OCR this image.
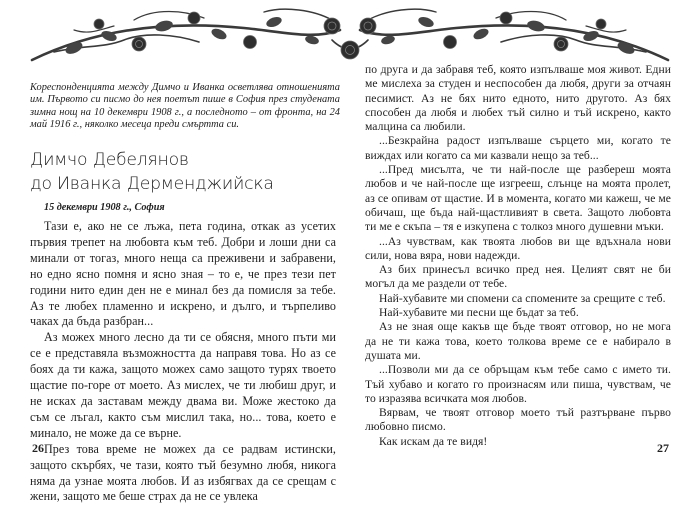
Кореспонденцията между Димчо и Иванка осветлява отношенията им. Първото си писмо до нея поетът пише в София през студената зимна нощ на 10 декември 1908 г., а последното – от фронта, на 24 май 1916 г., няколко месеца преди смъртта си.
Димчо Дебелянов
до Иванка Дерменджийска
15 декември 1908 г., София

Тази е, ако не се лъжа, пета година, откак аз усетих първия трепет на любовта към теб. Добри и лоши дни са минали от тогаз, много неща са преживени и забравени, но едно ясно помня и ясно зная – то е, че през тези пет години нито един ден не е минал без да помисля за тебе. Аз те любех пламенно и искрено, и дълго, и търпеливо чаках да бъда разбран...

Аз можех много лесно да ти се обясня, много пъти ми се е представяла възможността да направя това. Но аз се бояx да ти кажа, защото можех само защото турях твоето щастие по-горе от моето. Аз мислех, че ти любиш друг, и не исках да заставам между двама ви. Може жестоко да съм се лъгал, както съм мислил така, но... това, което е минало, не може да се върне.

През това време не можех да се радвам истински, защото скърбях, че тази, която тъй безумно любя, никога няма да узнае моята любов. И аз избягвах да се срещам с жени, защото ме беше страх да не се увлека

26

по друга и да забравя теб, която изпълваше моя живот. Едни ме мислеха за студен и неспособен да любя, други за отчаян песимист. Аз не бях нито едното, нито другото. Аз бях способен да любя и любех тъй силно и тъй искрено, както малцина са любили.

...Безкрайна радост изпълваше сърцето ми, когато те виждах или когато са ми казвали нещо за теб...

...Пред мисълта, че ти най-после ще разбереш моята любов и че най-после ще изгрееш, слънце на моята пролет, аз се опивам от щастие. И в момента, когато ми кажеш, че ме обичаш, ще бъда най-щастливият в света. Защото любовта ти ме е скъпа – тя е изкупена с толкоз много душевни мъки.

...Аз чувствам, как твоята любов ви ще вдъхнала нови сили, нова вяра, нови надежди.

Аз бих принесъл всичко пред нея. Целият свят не би могъл да ме раздели от тебе.

Най-хубавите ми спомени са спомените за срещите с теб.

Най-хубавите ми песни ще бъдат за теб.

Аз не зная още какъв ще бъде твоят отговор, но не мога да не ти кажа това, което толкова време се е набирало в душата ми.

...Позволи ми да се обръщам към тебе само с името ти. Тъй хубаво и когато го произнасям или пиша, чувствам, че то изразява всичката моя любов.

Вярвам, че твоят отговор моето тъй разтърване първо любовно писмо.

Как искам да те видя!	27
